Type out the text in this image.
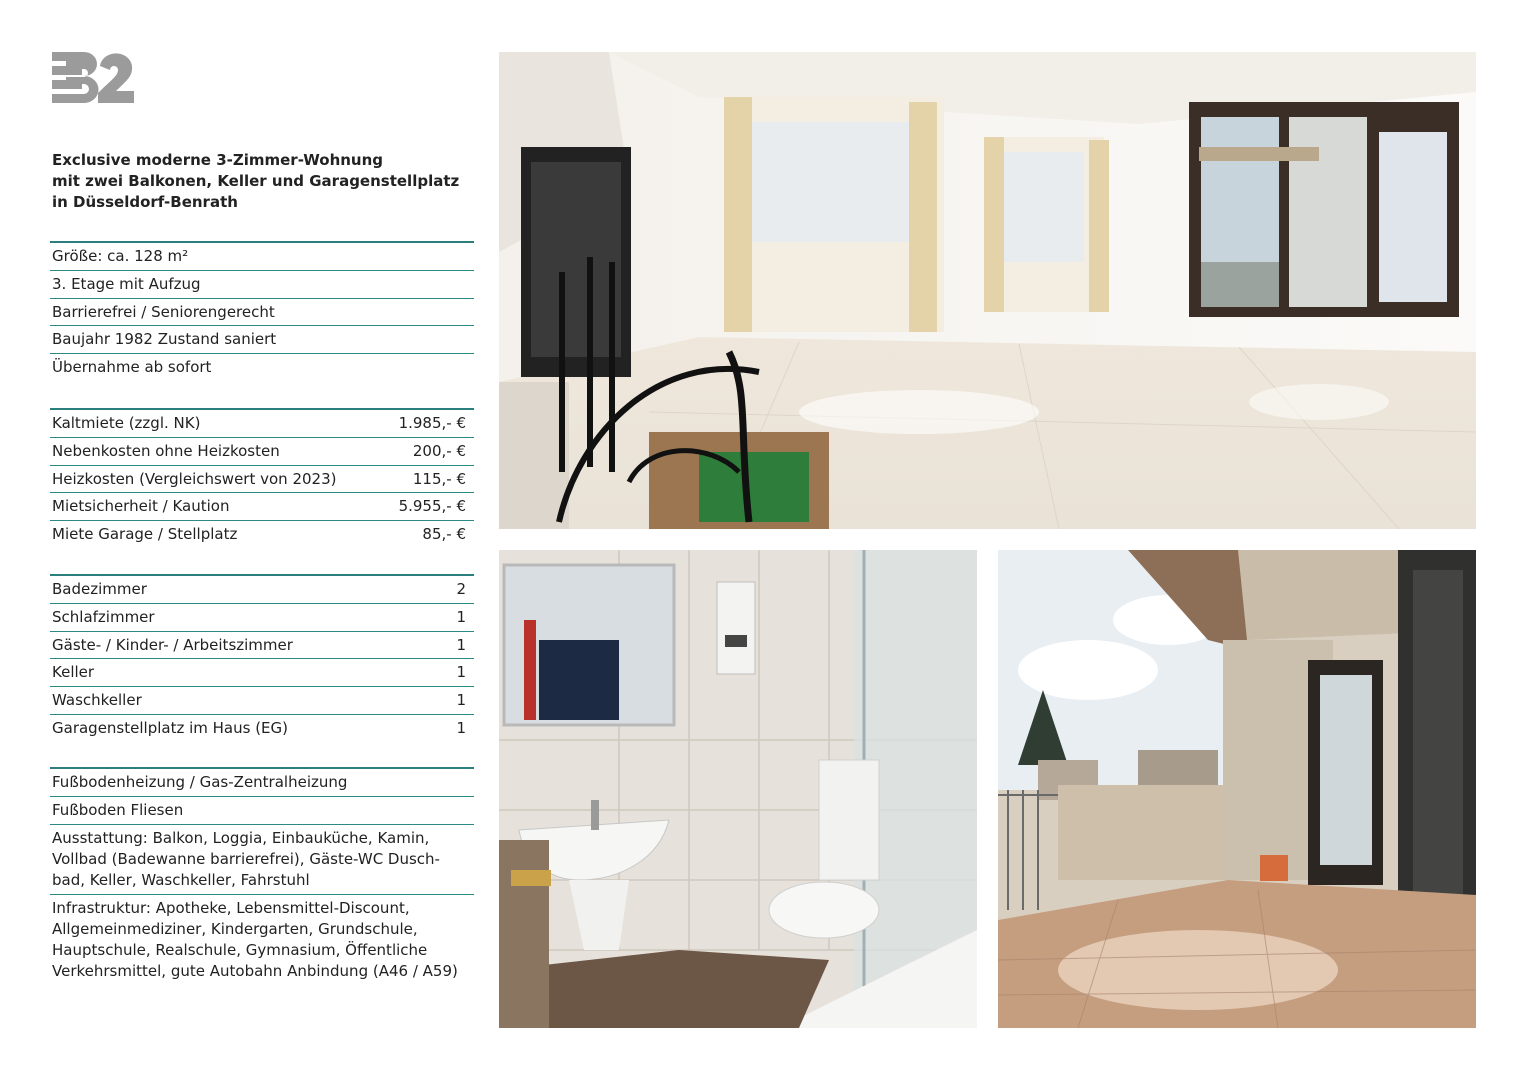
Exclusive moderne 3-Zimmer-Wohnung
mit zwei Balkonen, Keller und Garagenstellplatz
in Düsseldorf-Benrath
Größe: ca. 128 m²
3. Etage mit Aufzug
Barrierefrei / Seniorengerecht
Baujahr 1982 Zustand saniert
Übernahme ab sofort
Kaltmiete (zzgl. NK)	1.985,- €
Nebenkosten ohne Heizkosten	200,- €
Heizkosten (Vergleichswert von 2023)	115,- €
Mietsicherheit / Kaution	5.955,- €
Miete Garage / Stellplatz	85,- €
Badezimmer	2
Schlafzimmer	1
Gäste- / Kinder- / Arbeitszimmer	1
Keller	1
Waschkeller	1
Garagenstellplatz im Haus (EG)	1
Fußbodenheizung / Gas-Zentralheizung
Fußboden Fliesen
Ausstattung: Balkon, Loggia, Einbauküche, Kamin,
Vollbad (Badewanne barrierefrei), Gäste-WC Dusch-
bad, Keller, Waschkeller, Fahrstuhl
Infrastruktur: Apotheke, Lebensmittel-Discount,
Allgemeinmediziner, Kindergarten, Grundschule,
Hauptschule, Realschule, Gymnasium, Öffentliche
Verkehrsmittel, gute Autobahn Anbindung (A46 / A59)
